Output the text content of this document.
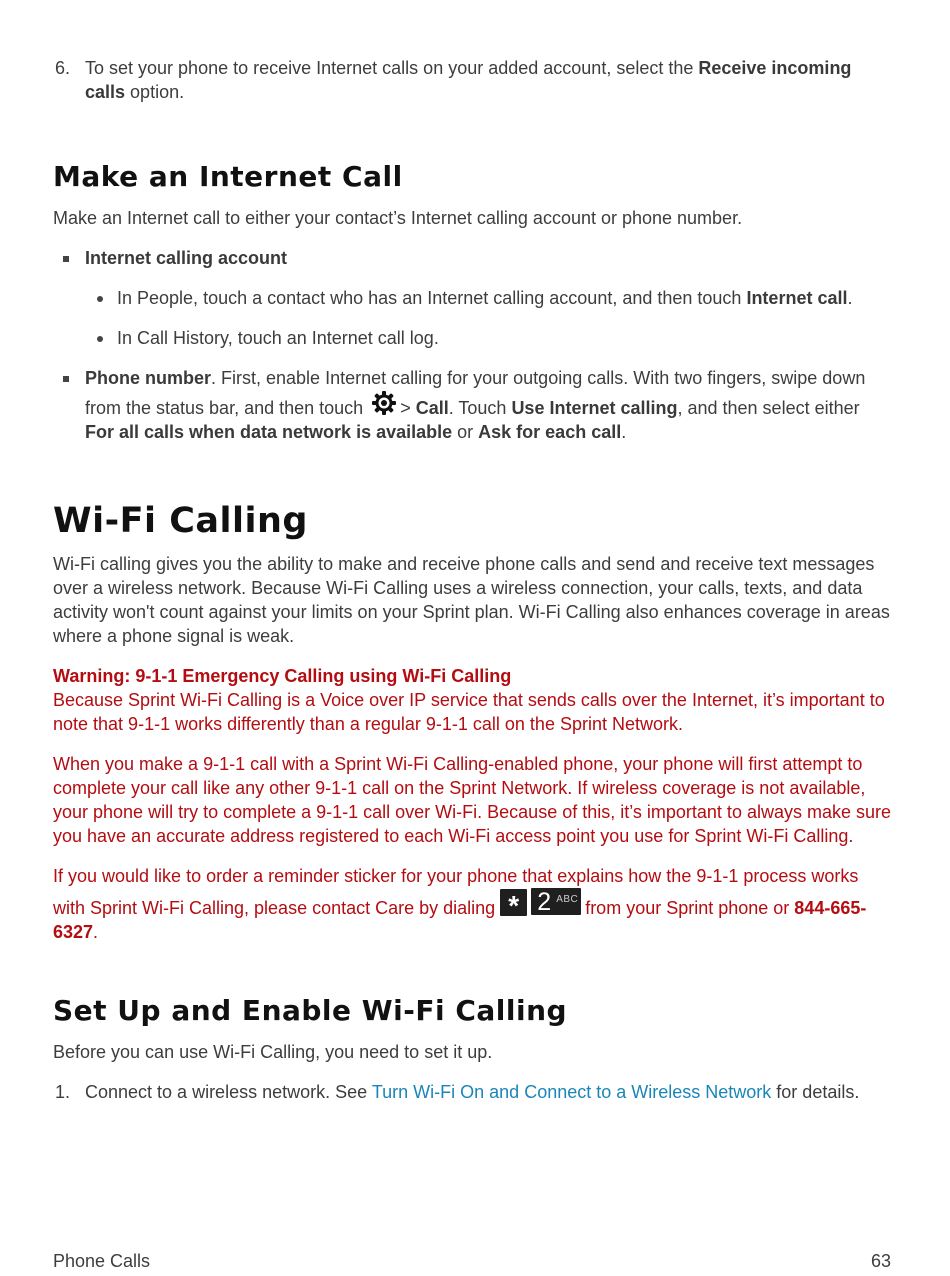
6. To set your phone to receive Internet calls on your added account, select the Receive incoming calls option.

Make an Internet Call

Make an Internet call to either your contact’s Internet calling account or phone number.

Internet calling account

In People, touch a contact who has an Internet calling account, and then touch Internet call.

In Call History, touch an Internet call log.

Phone number. First, enable Internet calling for your outgoing calls. With two fingers, swipe down from the status bar, and then touch > Call. Touch Use Internet calling, and then select either For all calls when data network is available or Ask for each call.

Wi-Fi Calling

Wi-Fi calling gives you the ability to make and receive phone calls and send and receive text messages over a wireless network. Because Wi-Fi Calling uses a wireless connection, your calls, texts, and data activity won't count against your limits on your Sprint plan. Wi-Fi Calling also enhances coverage in areas where a phone signal is weak.

Warning: 9-1-1 Emergency Calling using Wi-Fi Calling
Because Sprint Wi-Fi Calling is a Voice over IP service that sends calls over the Internet, it’s important to note that 9-1-1 works differently than a regular 9-1-1 call on the Sprint Network.

When you make a 9-1-1 call with a Sprint Wi-Fi Calling-enabled phone, your phone will first attempt to complete your call like any other 9-1-1 call on the Sprint Network. If wireless coverage is not available, your phone will try to complete a 9-1-1 call over Wi-Fi. Because of this, it’s important to always make sure you have an accurate address registered to each Wi-Fi access point you use for Sprint Wi-Fi Calling.

If you would like to order a reminder sticker for your phone that explains how the 9-1-1 process works with Sprint Wi-Fi Calling, please contact Care by dialing * 2 ABC from your Sprint phone or 844-665-6327.

Set Up and Enable Wi-Fi Calling

Before you can use Wi-Fi Calling, you need to set it up.

1. Connect to a wireless network. See Turn Wi-Fi On and Connect to a Wireless Network for details.

Phone Calls	63
